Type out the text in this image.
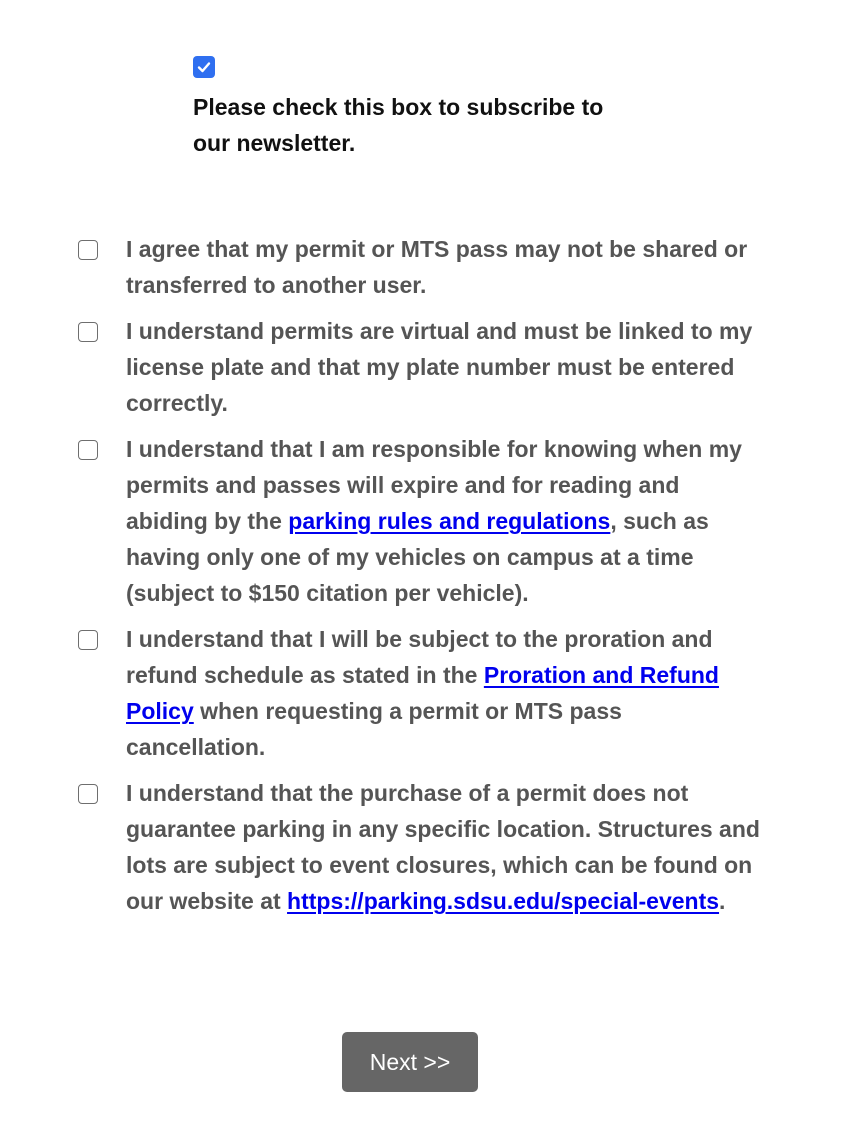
Please check this box to subscribe to our newsletter.
I agree that my permit or MTS pass may not be shared or transferred to another user.
I understand permits are virtual and must be linked to my license plate and that my plate number must be entered correctly.
I understand that I am responsible for knowing when my permits and passes will expire and for reading and abiding by the parking rules and regulations, such as having only one of my vehicles on campus at a time (subject to $150 citation per vehicle).
I understand that I will be subject to the proration and refund schedule as stated in the Proration and Refund Policy when requesting a permit or MTS pass cancellation.
I understand that the purchase of a permit does not guarantee parking in any specific location. Structures and lots are subject to event closures, which can be found on our website at https://parking.sdsu.edu/special-events.
Next >>
